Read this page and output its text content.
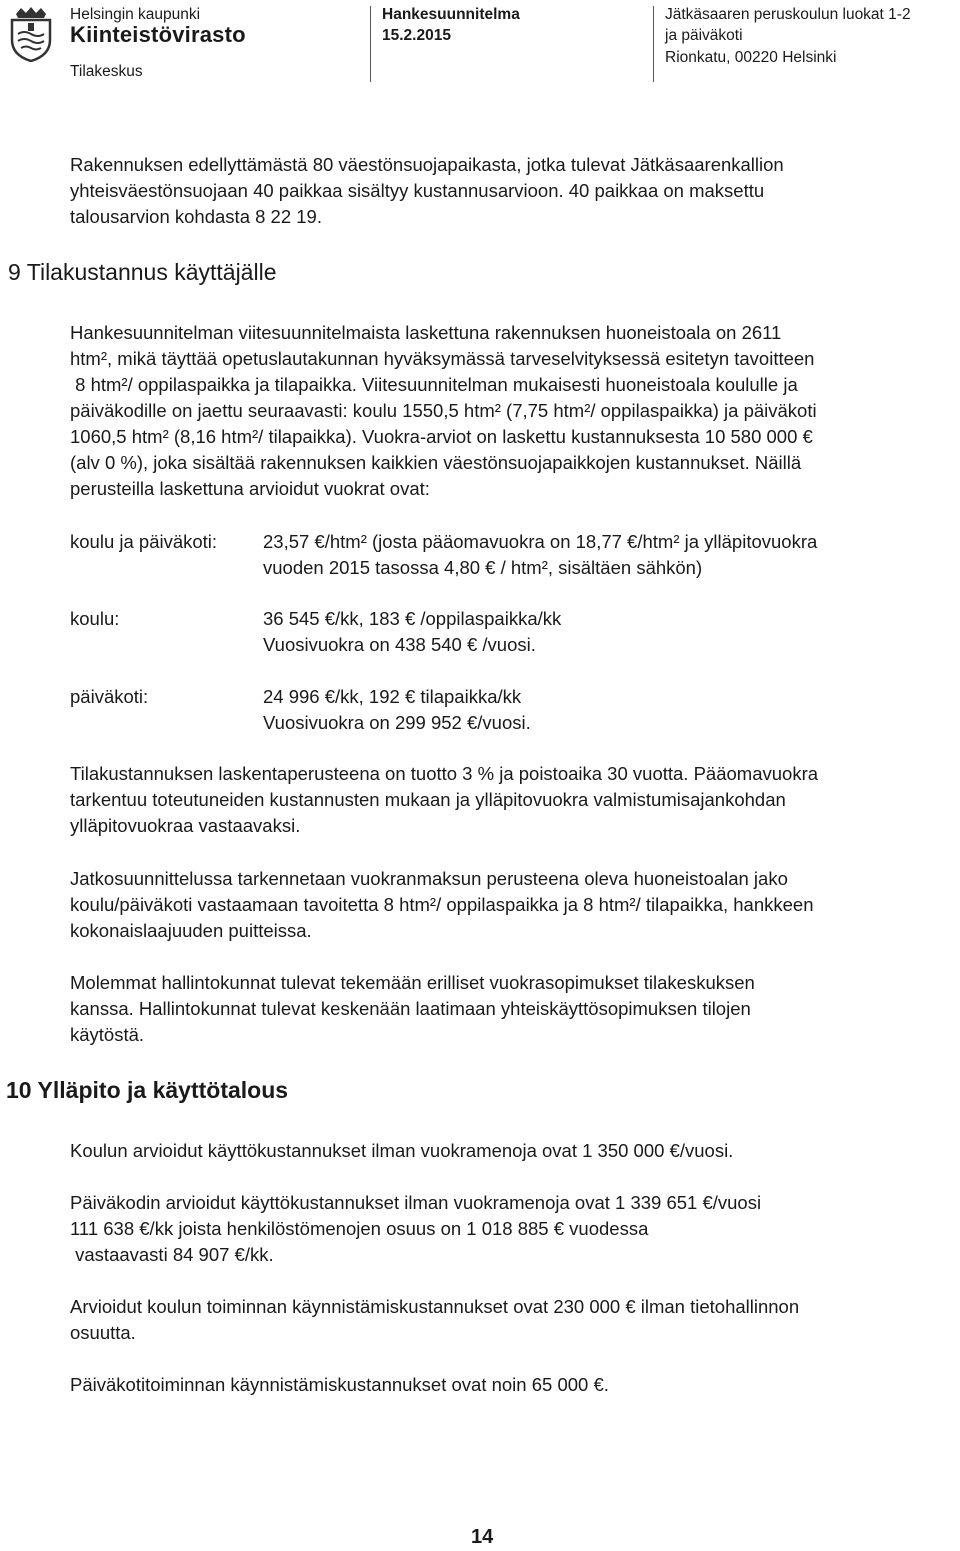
Helsingin kaupunki
Kiinteistövirasto
Tilakeskus
Hankesuunnitelma
15.2.2015
Jätkäsaaren peruskoulun luokat 1-2
ja päiväkoti
Rionkatu, 00220 Helsinki
Rakennuksen edellyttämästä 80 väestönsuojapaikasta, jotka tulevat Jätkäsaarenkallion
yhteisväestönsuojaan 40 paikkaa sisältyy kustannusarvioon. 40 paikkaa on maksettu
talousarvion kohdasta 8 22 19.
9 Tilakustannus käyttäjälle
Hankesuunnitelman viitesuunnitelmaista laskettuna rakennuksen huoneistoala on 2611
htm², mikä täyttää opetuslautakunnan hyväksymässä tarveselvityksessä esitetyn tavoitteen
8 htm²/ oppilaspaikka ja tilapaikka. Viitesuunnitelman mukaisesti huoneistoala koululle ja
päiväkodille on jaettu seuraavasti: koulu 1550,5 htm² (7,75 htm²/ oppilaspaikka) ja päiväkoti
1060,5 htm² (8,16 htm²/ tilapaikka). Vuokra-arviot on laskettu kustannuksesta 10 580 000 €
(alv 0 %), joka sisältää rakennuksen kaikkien väestönsuojapaikkojen kustannukset. Näillä
perusteilla laskettuna arvioidut vuokrat ovat:
koulu ja päiväkoti: 23,57 €/htm² (josta pääomavuokra on 18,77 €/htm² ja ylläpitovuokra
vuoden 2015 tasossa 4,80 € / htm², sisältäen sähkön)
koulu:	36 545 €/kk, 183 € /oppilaspaikka/kk
Vuosivuokra on 438 540 € /vuosi.
päiväkoti:	24 996 €/kk, 192 € tilapaikka/kk
Vuosivuokra on 299 952 €/vuosi.
Tilakustannuksen laskentaperusteena on tuotto 3 % ja poistoaika 30 vuotta. Pääomavuokra
tarkentuu toteutuneiden kustannusten mukaan ja ylläpitovuokra valmistumisajankohdan
ylläpitovuokraa vastaavaksi.
Jatkosuunnittelussa tarkennetaan vuokranmaksun perusteena oleva huoneistoalan jako
koulu/päiväkoti vastaamaan tavoitetta 8 htm²/ oppilaspaikka ja 8 htm²/ tilapaikka, hankkeen
kokonaislaajuuden puitteissa.
Molemmat hallintokunnat tulevat tekemään erilliset vuokrasopimukset tilakeskuksen
kanssa. Hallintokunnat tulevat keskenään laatimaan yhteiskäyttösopimuksen tilojen
käytöstä.
10 Ylläpito ja käyttötalous
Koulun arvioidut käyttökustannukset ilman vuokramenoja ovat 1 350 000 €/vuosi.
Päiväkodin arvioidut käyttökustannukset ilman vuokramenoja ovat 1 339 651 €/vuosi
111 638 €/kk joista henkilöstömenojen osuus on 1 018 885 € vuodessa
vastaavasti 84 907 €/kk.
Arvioidut koulun toiminnan käynnistämiskustannukset ovat 230 000 € ilman tietohallinnon
osuutta.
Päiväkotitoiminnan käynnistämiskustannukset ovat noin 65 000 €.
14
